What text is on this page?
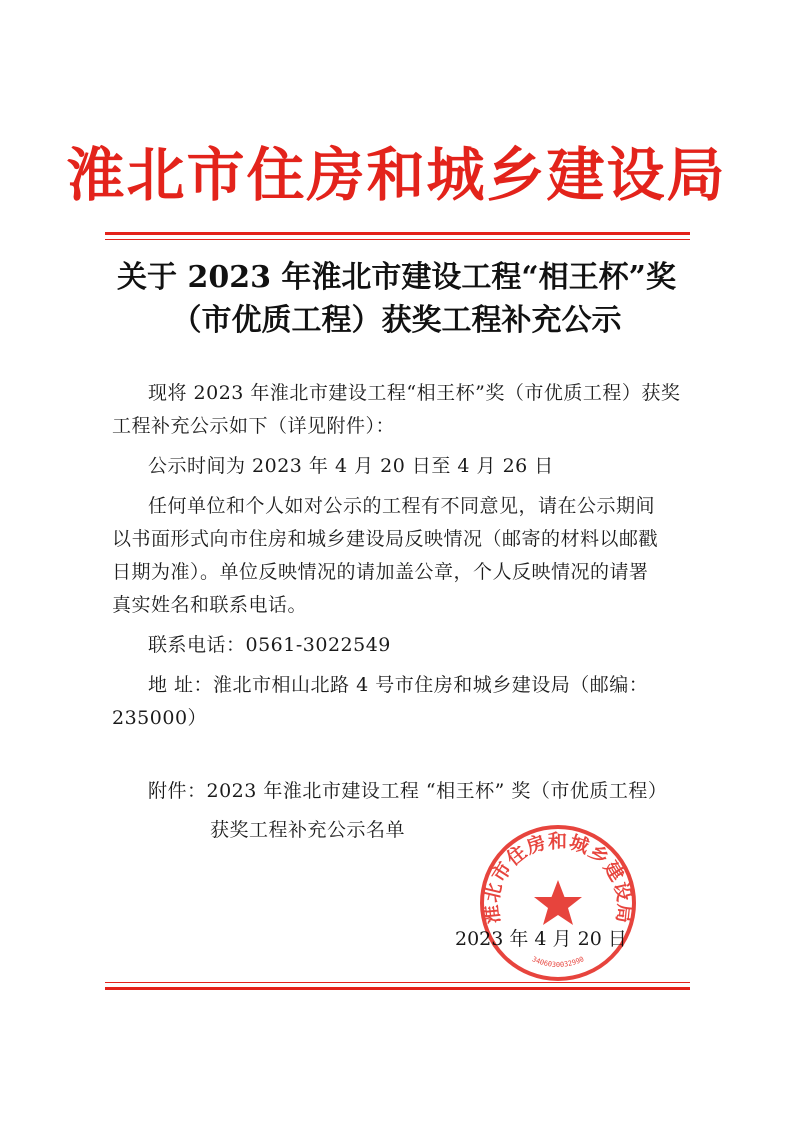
淮北市住房和城乡建设局
关于 2023 年淮北市建设工程“相王杯”奖
（市优质工程）获奖工程补充公示
现将 2023 年淮北市建设工程“相王杯”奖（市优质工程）获奖
工程补充公示如下（详见附件）：
公示时间为 2023 年 4 月 20 日至 4 月 26 日
任何单位和个人如对公示的工程有不同意见，请在公示期间
以书面形式向市住房和城乡建设局反映情况（邮寄的材料以邮戳
日期为准）。单位反映情况的请加盖公章，个人反映情况的请署
真实姓名和联系电话。
联系电话：0561-3022549
地 址：淮北市相山北路 4 号市住房和城乡建设局（邮编：
235000）
附件：2023 年淮北市建设工程 “相王杯” 奖（市优质工程）
获奖工程补充公示名单
2023 年 4 月 20 日
淮北市住房和城乡建设局
3406030032990
